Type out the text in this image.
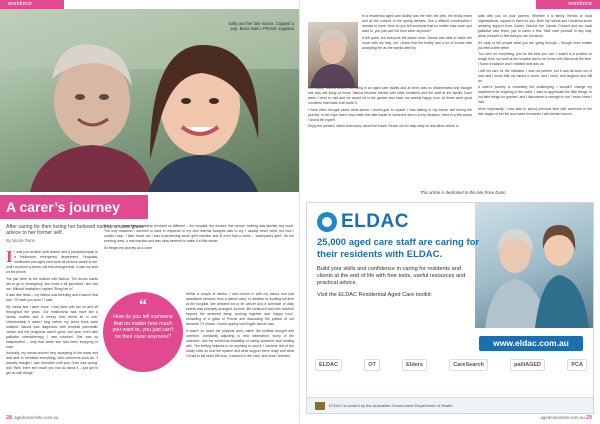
workforce
Sally and her late nanna. Copped a pup. Bona Danu. Photos: supplied
A carer’s journey
After caring for then losing her beloved nanna, a carer gives advice to her former self.
By Nicole Dunn

I I was just another shift worker and a physiotherapist in a Melbourne emergency department. Hospitals, healthcare and aged care were all second nature to me, until I received a phone call that changed that. It was my aunt on the phone.

“Ive just been at the doctors with Nanna. The doctor wants her to go to emergency; she looks a bit jaundiced” she told me. Without hesitation I replied “Bring her in”.

It was dire news – my Nanna was bleeding and it wasn’t that bad. “I’ll meet you soon,” I said.

My nanna and I were close. I had lived with her on and off throughout the years. Our relationship was more like a nanna, mother and a breezy best friend all in one. Unfortunately it wasn’t long before my worst fears were realised. Nanna was diagnosed with terminal pancreatic cancer and the prognosis wasn’t good: one year, even with palliative chemotherapy. I was shocked. She was so independent – only that week she had been shopping in town.

Ironically, my nanna worked very accepting of the news and was able to verbalise everything, with comments such as, “I actually thought I was invincible until your Gran was wrong” and “Well, there isn’t much you can do about it – just got to get on with things.”

But for me, everything suddenly revolved so different – the hospital, the doctors, the nurses; nothing was familiar any more. The only reactions I seemed to have in response to my own internal thoughts was to cry. I usually never cried, but now I couldn’t stop. I later found out I was experiencing acute grief reaction and Ill even had a name – ‘anticipatory grief’. As the evening drew, a real reaction and was okay seemed to make it a little easier.

So began my journey as a carer.

Within a couple of weeks, I had moved in with my nanna and had assistance services from a district carer, in addition to working full-time at the hospital. We decided not to let cancer and a schedule of daily events was promptly arranged. As time, life continued and new reached beyond the weekend away, cooking together and ‘happy hour’, consisting of a glass of Pimms and discussing the politics of our favourite TV shows. I learnt quickly how fragile cancer was.

It wasn’t so much the physical work, rather the endless thought and overtime, constantly adjusting to new information, worry of the unknown, and the emotional instability of caring someone else dealing with. The feeling helpless to do anything to stop it. I became one of the loudly cries as how the system and what support there really and what I’d had to fall since the loss, I reached to the care, and what I learned.

“
How do you tell someone that no matter how much you want to, you just can’t be their carer anymore?
28 agedcareinsite.com.au
workforce

In a residential aged care facility was the ride, the pets, the teddy bears and all the colours of the spring dresses. But a difficult conversation I needed to have. How do you tell someone that no matter how much you want to, you just can’t be their carer anymore?

It felt quick, but everyone felt peace once. Nanna was able to make her move with my help, but I knew that the facility had a lot of trouble with accepting her as the weeks went by.

Eventually, Nanna settled into living in an aged care facility and at times was so disorientated she thought she was still living at home. Nanna became friends with other residents and the staff at the facility. Each week I went to visit and we would sit in the garden and have our weekly happy hour. At times were good moments that made it all worth it.

I have often thought about what advice I would give to myself. I was talking to my former self during the journey. In the hope that it may make this little easier to someone who is in my situation, there is a few words I would tell myself.

Enjoy the present, rather than worry about the future. Reach out for help early on and allow others to

walk with you on your journey. Whether it is family, friends or local organisations, support is there for you. Both my Nanna and I received some amazing support from Carers Victoria, the Cancer Council and our local palliative care team, just to name a few. Take care yourself in any way. Allow yourself to feel that you are not alone.

It’s okay to tell people what you are going through – though even makes you feel a little better.

You can’t do everything, just do the best you can. I wasn’t in a position to resign from my work at the hospital and to be home with Nanna all the time. I found a balance and I realised that was ok.

I will not care for the mistakes. I was not perfect, but it was all done out of love and I know that my nanna is loved, and I cried, and laughed and still do.

A carer’s journey is rewarding but challenging. I wouldn’t change my experience for anything in the world. I want to appreciate the little things, to not take things for granted, and I discovered a strength in me I never knew I had.

More importantly, I was able to spend precious time with someone in the last stages of her life and made memories I will cherish forever.

This article is dedicated to the late Rose Dunn.
ELDAC
25,000 aged care staff are caring for their residents with ELDAC.

Build your skills and confidence in caring for residents and clients at the end of life with free tools, useful resources and practical advice.

Visit the ELDAC Residential Aged Care toolkit:

www.eldac.com.au
ELDAC	OT	Elders	CareSearch	palliAGED	PCA
ELDAC is funded by the Australian Government Department of Health
agedcareinsite.com.au 29
